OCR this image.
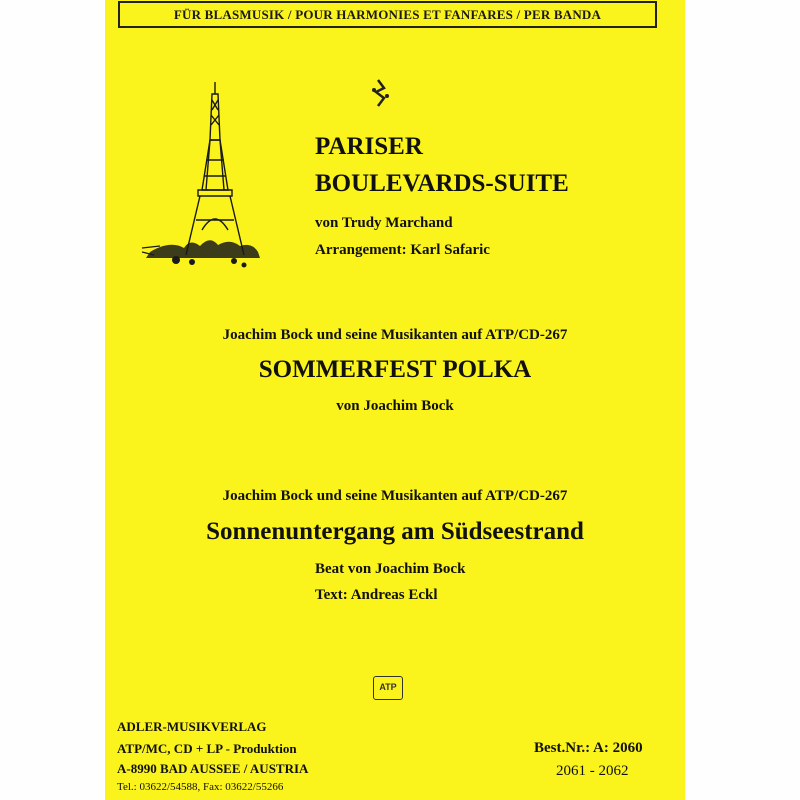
FÜR BLASMUSIK / POUR HARMONIES ET FANFARES / PER BANDA
PARISER
BOULEVARDS-SUITE
von Trudy Marchand
Arrangement: Karl Safaric
Joachim Bock und seine Musikanten auf ATP/CD-267
SOMMERFEST POLKA
von Joachim Bock
Joachim Bock und seine Musikanten auf ATP/CD-267
Sonnenuntergang am Südseestrand
Beat von Joachim Bock
Text: Andreas Eckl
ATP
ADLER-MUSIKVERLAG
ATP/MC, CD + LP - Produktion
A-8990 BAD AUSSEE / AUSTRIA
Tel.: 03622/54588, Fax: 03622/55266
Best.Nr.: A: 2060
2061 - 2062
